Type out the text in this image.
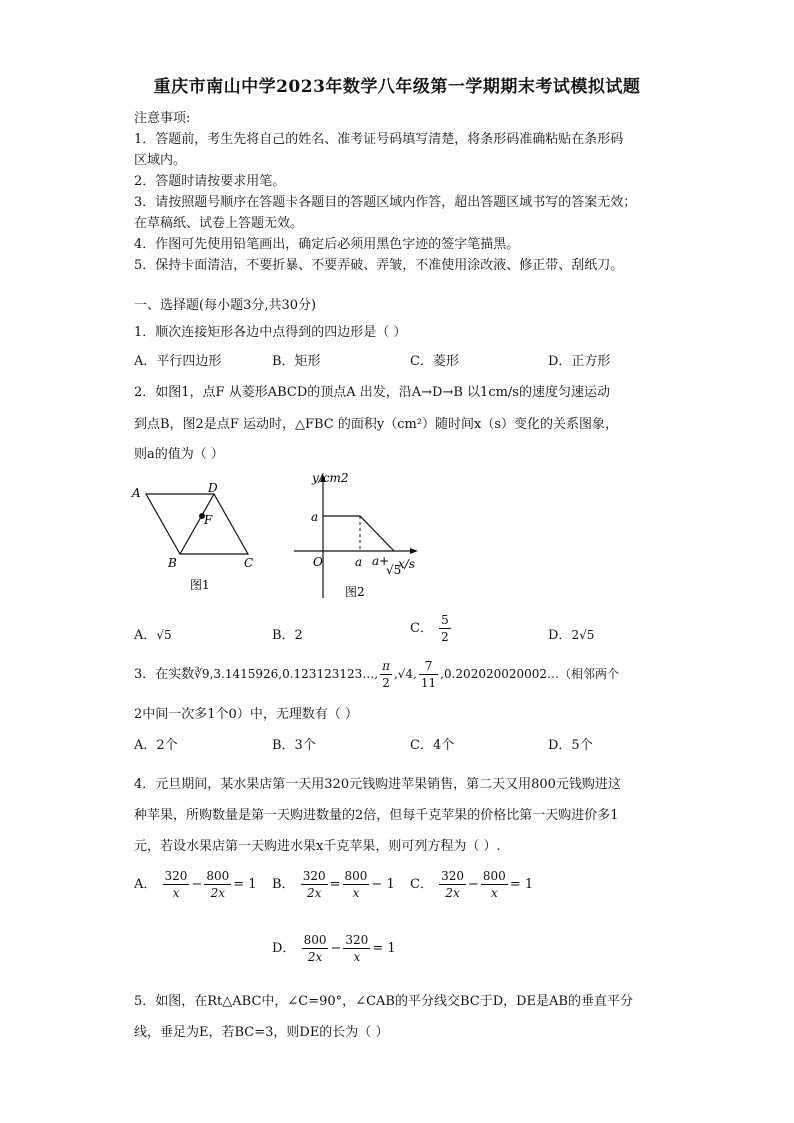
重庆市南山中学2023年数学八年级第一学期期末考试模拟试题
注意事项:
1．答题前，考生先将自己的姓名、准考证号码填写清楚，将条形码准确粘贴在条形码
区域内。
2．答题时请按要求用笔。
3．请按照题号顺序在答题卡各题目的答题区域内作答，超出答题区域书写的答案无效；
在草稿纸、试卷上答题无效。
4．作图可先使用铅笔画出，确定后必须用黑色字迹的签字笔描黑。
5．保持卡面清洁，不要折暴、不要弄破、弄皱，不准使用涂改液、修正带、刮纸刀。
一、选择题(每小题3分,共30分)
1．顺次连接矩形各边中点得到的四边形是（ ）
A．平行四边形	B．矩形	C．菱形	D．正方形
2．如图1，点F 从菱形ABCD的顶点A 出发，沿A→D→B 以1cm/s的速度匀速运动
到点B，图2是点F 运动时，△FBC 的面积y（cm²）随时间x（s）变化的关系图象，
则a的值为（ ）
A	D
F
B	C
图1
y/cm2
a
O	a a+
√5
x/s
图2
A．√5	B．2	C． $\frac{5}{2}$	D．2√5
3．在实数∛9,3.1415926,0.123123123…, $\frac{\pi}{2} ,√4$, $\frac{7}{11}$ ,0.202020020002…（相邻两个
2中间一次多1个0）中，无理数有（ ）
A．2个	B．3个	C．4个	D．5个
4．元旦期间，某水果店第一天用320元钱购进苹果销售，第二天又用800元钱购进这
种苹果，所购数量是第一天购进数量的2倍，但每千克苹果的价格比第一天购进价多1
元，若设水果店第一天购进水果x千克苹果，则可列方程为（ ）.
A． $\frac{320}{x} - \frac{800}{2x} = 1$ B． $\frac{320}{2x} = \frac{800}{x} - 1$ C． $\frac{320}{2x} - \frac{800}{x} = 1$
D． $\frac{800}{2x} - \frac{320}{x} = 1$
5．如图，在Rt△ABC中，∠C=90°，∠CAB的平分线交BC于D，DE是AB的垂直平分
线，垂足为E，若BC=3，则DE的长为（ ）
